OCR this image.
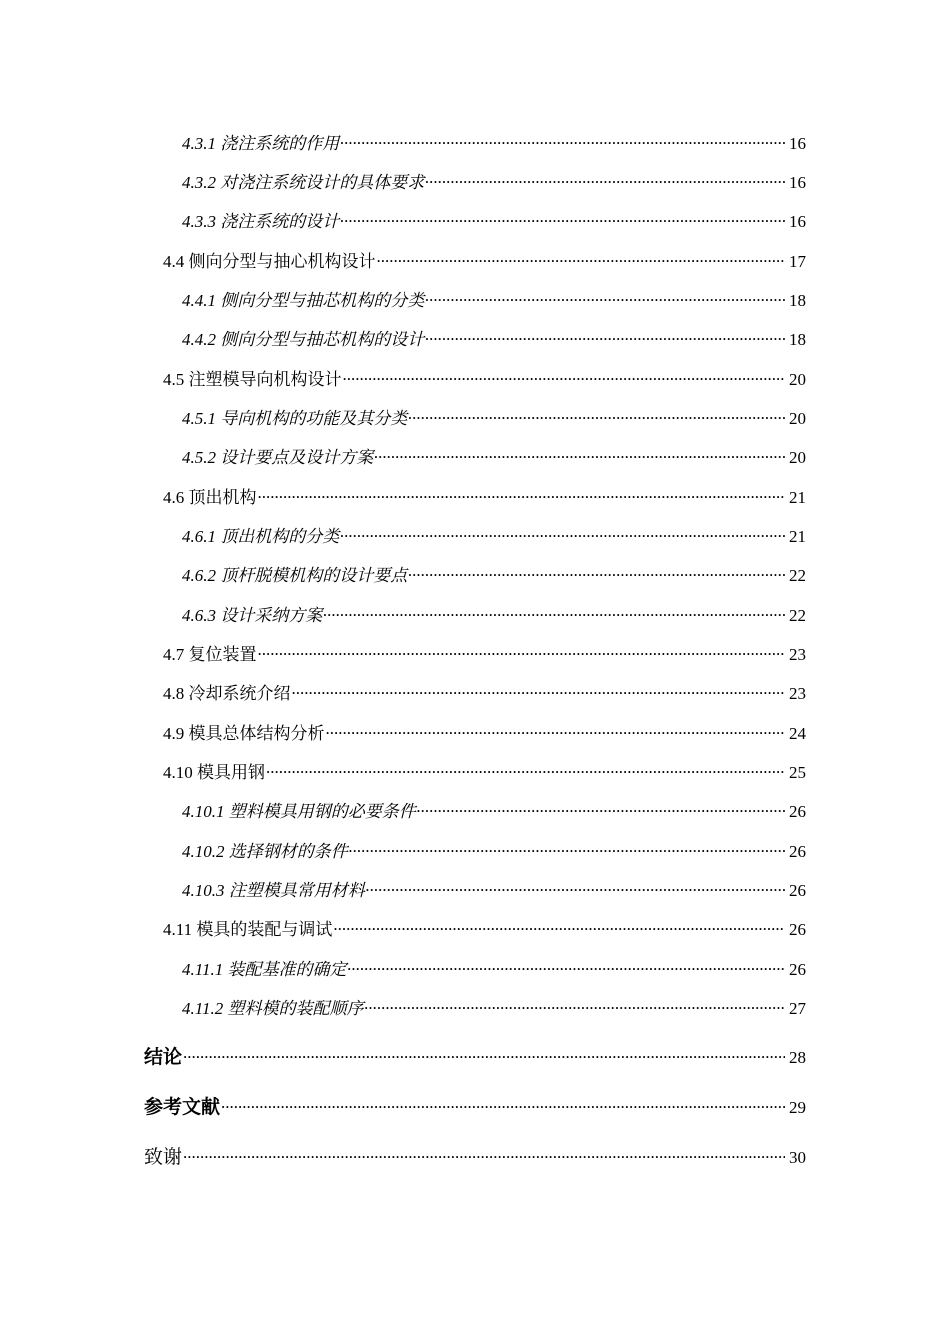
4.3.1 浇注系统的作用 .....	16
4.3.2 对浇注系统设计的具体要求 .....	16
4.3.3 浇注系统的设计 .....	16
4.4 侧向分型与抽心机构设计 .....	17
4.4.1 侧向分型与抽芯机构的分类 .....	18
4.4.2 侧向分型与抽芯机构的设计 .....	18
4.5 注塑模导向机构设计 .....	20
4.5.1 导向机构的功能及其分类 .....	20
4.5.2 设计要点及设计方案 .....	20
4.6 顶出机构 .....	21
4.6.1 顶出机构的分类 .....	21
4.6.2 顶杆脱模机构的设计要点 .....	22
4.6.3 设计采纳方案 .....	22
4.7 复位装置 .....	23
4.8 冷却系统介绍 .....	23
4.9 模具总体结构分析 .....	24
4.10 模具用钢 .....	25
4.10.1 塑料模具用钢的必要条件 .....	26
4.10.2 选择钢材的条件 .....	26
4.10.3 注塑模具常用材料 .....	26
4.11 模具的装配与调试 .....	26
4.11.1 装配基准的确定 .....	26
4.11.2 塑料模的装配顺序 .....	27
结论 .....	28
参考文献 .....	29
致谢 .....	30
